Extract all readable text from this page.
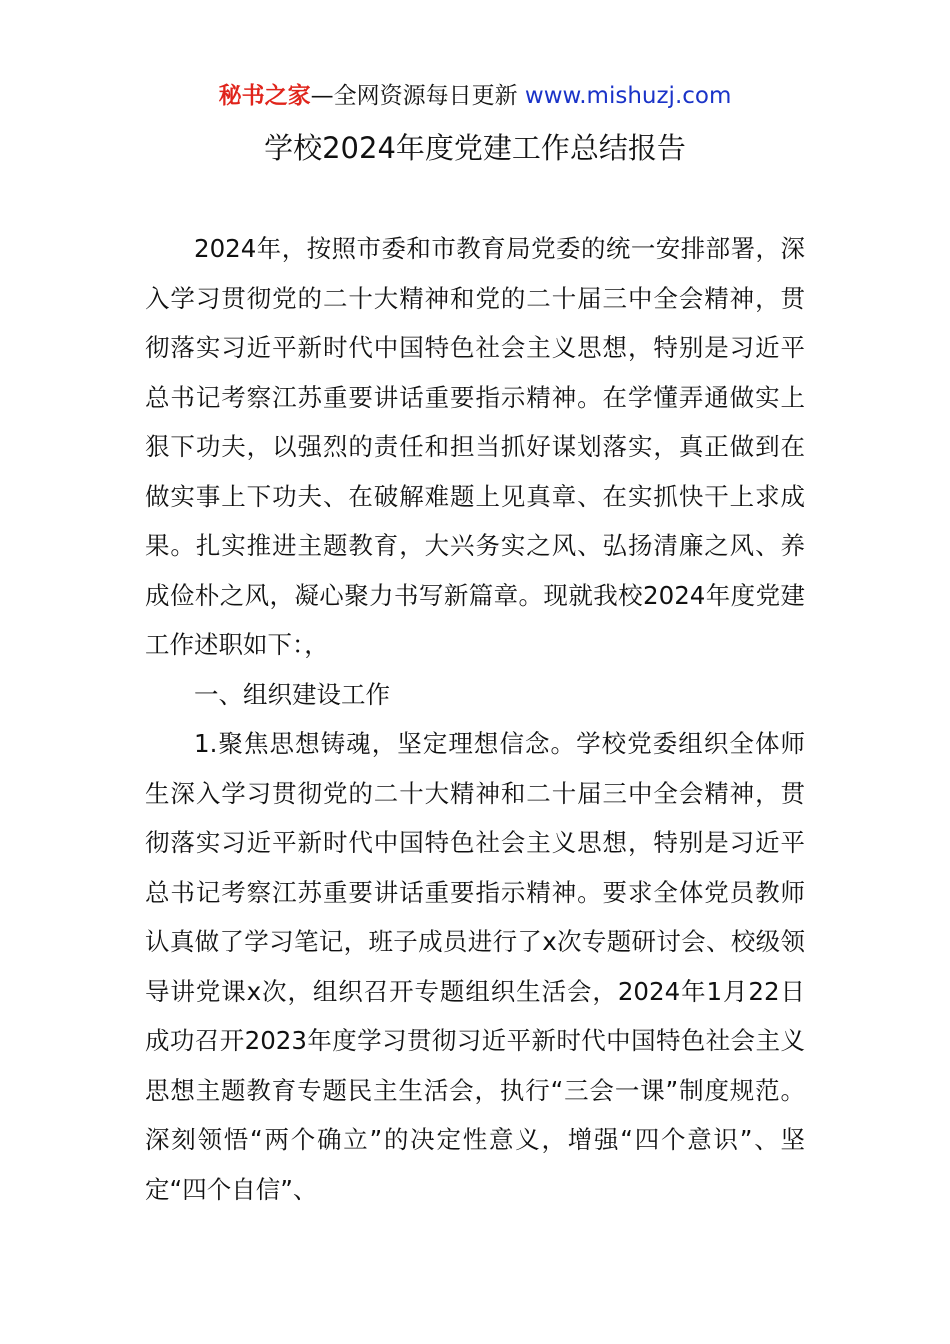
秘书之家—全网资源每日更新 www.mishuzj.com
学校2024年度党建工作总结报告

2024年，按照市委和市教育局党委的统一安排部署，深入学习贯彻党的二十大精神和党的二十届三中全会精神，贯彻落实习近平新时代中国特色社会主义思想，特别是习近平总书记考察江苏重要讲话重要指示精神。在学懂弄通做实上狠下功夫，以强烈的责任和担当抓好谋划落实，真正做到在做实事上下功夫、在破解难题上见真章、在实抓快干上求成果。扎实推进主题教育，大兴务实之风、弘扬清廉之风、养成俭朴之风，凝心聚力书写新篇章。现就我校2024年度党建工作述职如下：，

一、组织建设工作

1.聚焦思想铸魂，坚定理想信念。学校党委组织全体师生深入学习贯彻党的二十大精神和二十届三中全会精神，贯彻落实习近平新时代中国特色社会主义思想，特别是习近平总书记考察江苏重要讲话重要指示精神。要求全体党员教师认真做了学习笔记，班子成员进行了x次专题研讨会、校级领导讲党课x次，组织召开专题组织生活会，2024年1月22日成功召开2023年度学习贯彻习近平新时代中国特色社会主义思想主题教育专题民主生活会，执行“三会一课”制度规范。深刻领悟“两个确立”的决定性意义，增强“四个意识”、坚定“四个自信”、
